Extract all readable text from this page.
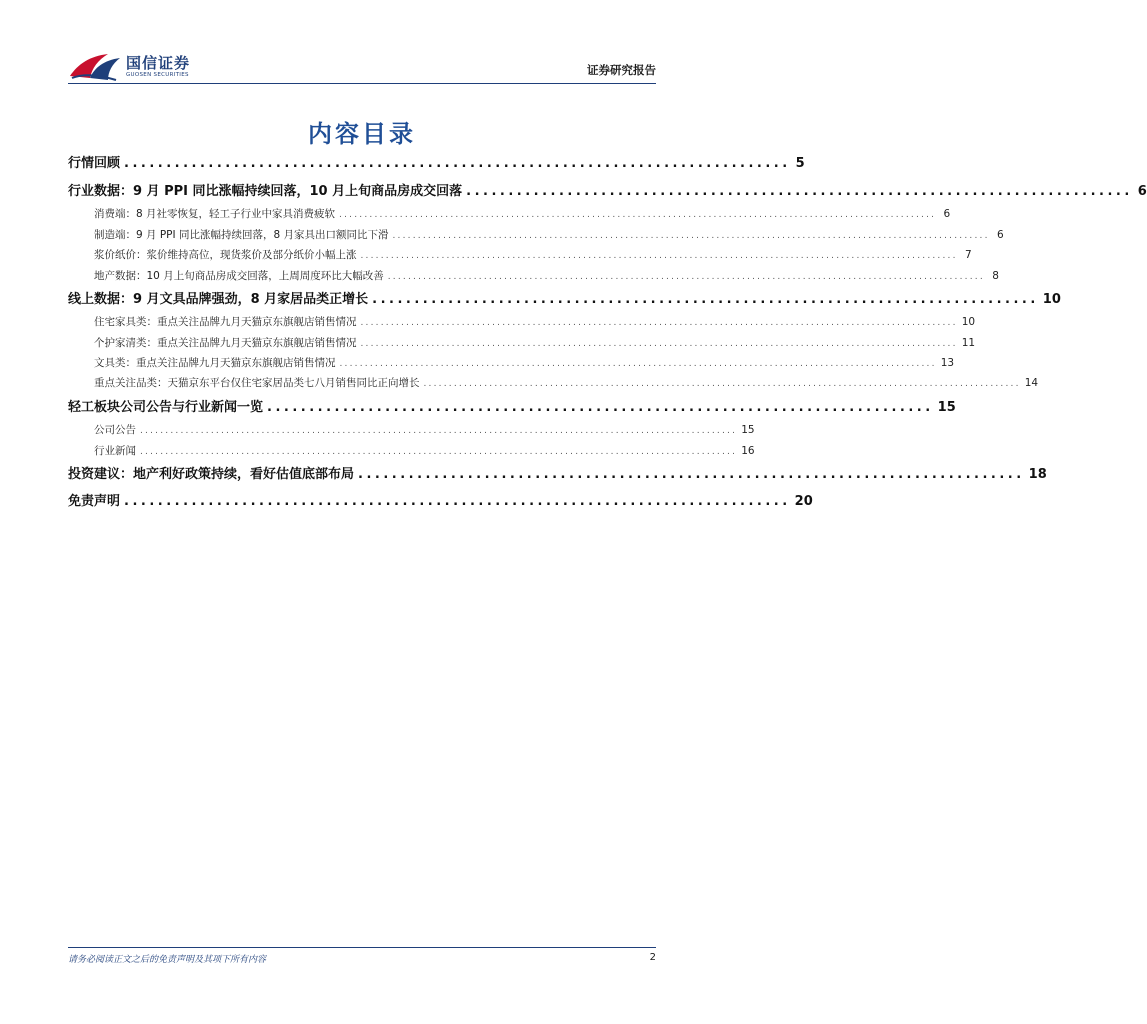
国信证券
GUOSEN SECURITIES	证券研究报告
内容目录
行情回顾 ............................................................................... 5
行业数据：9 月 PPI 同比涨幅持续回落，10 月上旬商品房成交回落 ............................................................................... 6
消费端：8 月社零恢复，轻工子行业中家具消费疲软 ...................................................................................................................... 6
制造端：9 月 PPI 同比涨幅持续回落，8 月家具出口额同比下滑 ...................................................................................................................... 6
浆价纸价：浆价维持高位，现货浆价及部分纸价小幅上涨 ...................................................................................................................... 7
地产数据：10 月上旬商品房成交回落，上周周度环比大幅改善 ...................................................................................................................... 8
线上数据：9 月文具品牌强劲，8 月家居品类正增长 ............................................................................... 10
住宅家具类：重点关注品牌九月天猫京东旗舰店销售情况 ...................................................................................................................... 10
个护家清类：重点关注品牌九月天猫京东旗舰店销售情况 ...................................................................................................................... 11
文具类：重点关注品牌九月天猫京东旗舰店销售情况 ...................................................................................................................... 13
重点关注品类：天猫京东平台仅住宅家居品类七八月销售同比正向增长 ...................................................................................................................... 14
轻工板块公司公告与行业新闻一览 ............................................................................... 15
公司公告 ...................................................................................................................... 15
行业新闻 ...................................................................................................................... 16
投资建议：地产利好政策持续，看好估值底部布局 ............................................................................... 18
免责声明 ............................................................................... 20
请务必阅读正文之后的免责声明及其项下所有内容	2
